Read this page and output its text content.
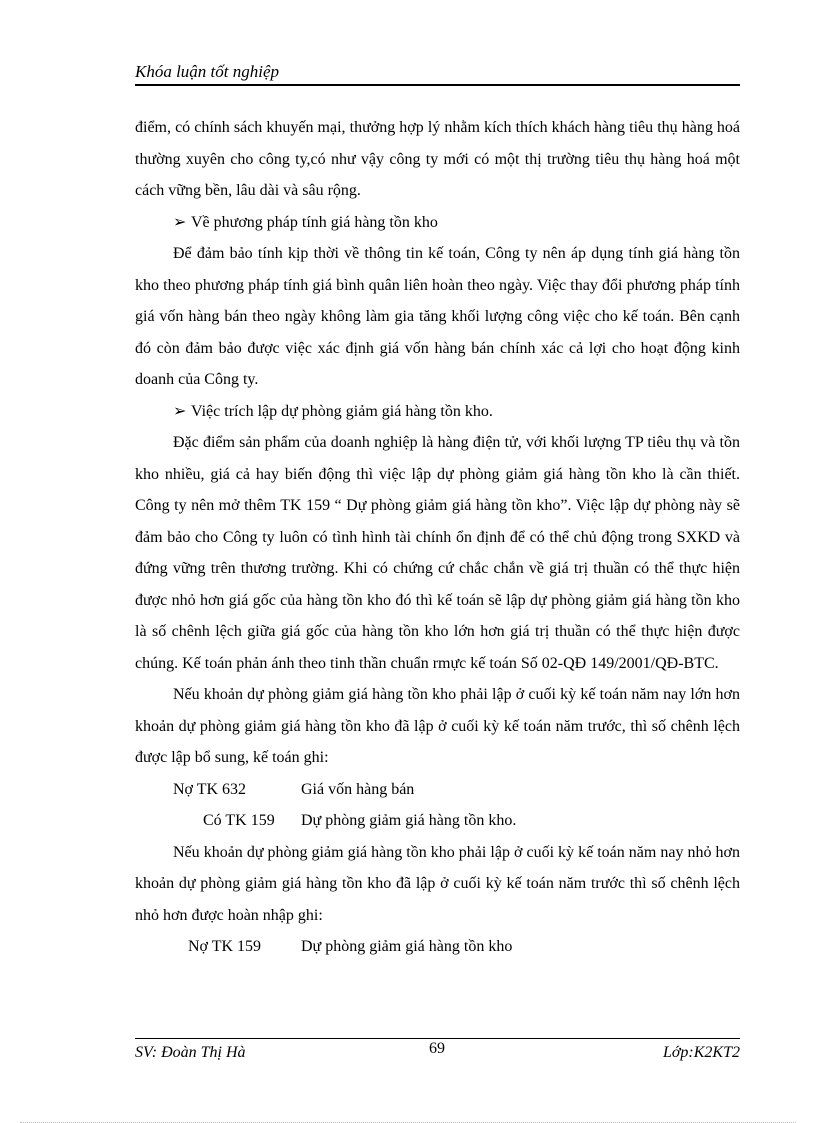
Khóa luận tốt nghiệp

điểm, có chính sách khuyến mại, thưởng hợp lý nhằm kích thích khách hàng tiêu thụ hàng hoá thường xuyên cho công ty,có như vậy công ty mới có một thị trường tiêu thụ hàng hoá một cách vững bền, lâu dài và sâu rộng.

➢ Về phương pháp tính giá hàng tồn kho

Để đảm bảo tính kịp thời về thông tin kế toán, Công ty nên áp dụng tính giá hàng tồn kho theo phương pháp tính giá bình quân liên hoàn theo ngày. Việc thay đổi phương pháp tính giá vốn hàng bán theo ngày không làm gia tăng khối lượng công việc cho kế toán. Bên cạnh đó còn đảm bảo được việc xác định giá vốn hàng bán chính xác cả lợi cho hoạt động kinh doanh của Công ty.

➢ Việc trích lập dự phòng giảm giá hàng tồn kho.

Đặc điểm sản phẩm của doanh nghiệp là hàng điện tử, với khối lượng TP tiêu thụ và tồn kho nhiều, giá cả hay biến động thì việc lập dự phòng giảm giá hàng tồn kho là cần thiết. Công ty nên mở thêm TK 159 “ Dự phòng giảm giá hàng tồn kho”. Việc lập dự phòng này sẽ đảm bảo cho Công ty luôn có tình hình tài chính ổn định để có thể chủ động trong SXKD và đứng vững trên thương trường. Khi có chứng cứ chắc chắn về giá trị thuần có thể thực hiện được nhỏ hơn giá gốc của hàng tồn kho đó thì kế toán sẽ lập dự phòng giảm giá hàng tồn kho là số chênh lệch giữa giá gốc của hàng tồn kho lớn hơn giá trị thuần có thể thực hiện được chúng. Kế toán phản ánh theo tinh thần chuẩn rmực kế toán Số 02-QĐ 149/2001/QĐ-BTC.

Nếu khoản dự phòng giảm giá hàng tồn kho phải lập ở cuối kỳ kế toán năm nay lớn hơn khoản dự phòng giảm giá hàng tồn kho đã lập ở cuối kỳ kế toán năm trước, thì số chênh lệch được lập bổ sung, kế toán ghi:

Nợ TK 632	Giá vốn hàng bán

Có TK 159 Dự phòng giảm giá hàng tồn kho.

Nếu khoản dự phòng giảm giá hàng tồn kho phải lập ở cuối kỳ kế toán năm nay nhỏ hơn khoản dự phòng giảm giá hàng tồn kho đã lập ở cuối kỳ kế toán năm trước thì số chênh lệch nhỏ hơn được hoàn nhập ghi:

Nợ TK 159 Dự phòng giảm giá hàng tồn kho

SV: Đoàn Thị Hà	69	Lớp:K2KT2
